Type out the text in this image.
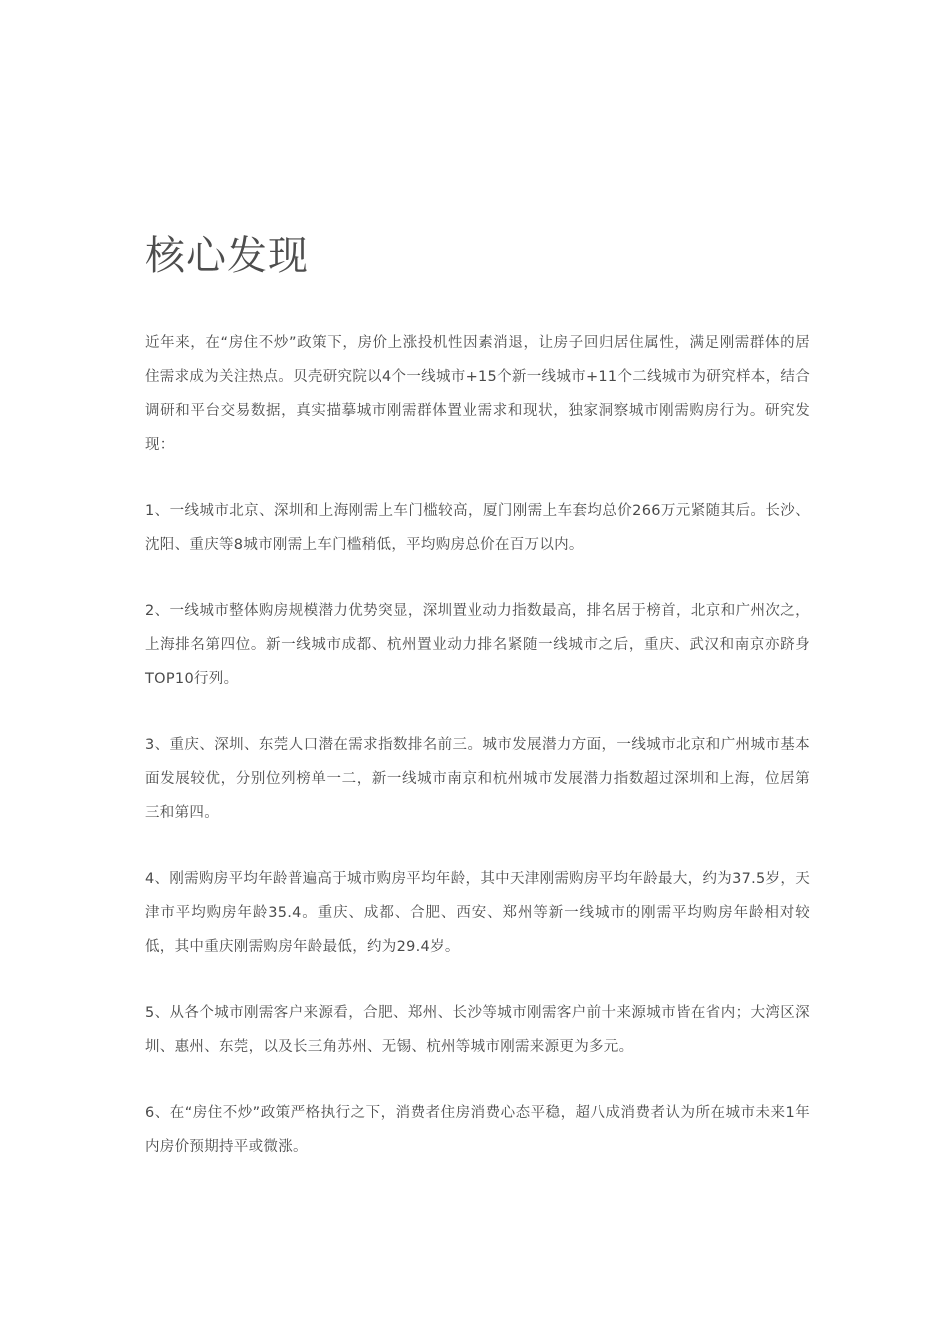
核心发现

近年来，在“房住不炒”政策下，房价上涨投机性因素消退，让房子回归居住属性，满足刚需群体的居住需求成为关注热点。贝壳研究院以4个一线城市+15个新一线城市+11个二线城市为研究样本，结合调研和平台交易数据，真实描摹城市刚需群体置业需求和现状，独家洞察城市刚需购房行为。研究发现：

1、一线城市北京、深圳和上海刚需上车门槛较高，厦门刚需上车套均总价266万元紧随其后。长沙、沈阳、重庆等8城市刚需上车门槛稍低，平均购房总价在百万以内。

2、一线城市整体购房规模潜力优势突显，深圳置业动力指数最高，排名居于榜首，北京和广州次之，上海排名第四位。新一线城市成都、杭州置业动力排名紧随一线城市之后，重庆、武汉和南京亦跻身TOP10行列。

3、重庆、深圳、东莞人口潜在需求指数排名前三。城市发展潜力方面，一线城市北京和广州城市基本面发展较优，分别位列榜单一二，新一线城市南京和杭州城市发展潜力指数超过深圳和上海，位居第三和第四。

4、刚需购房平均年龄普遍高于城市购房平均年龄，其中天津刚需购房平均年龄最大，约为37.5岁，天津市平均购房年龄35.4。重庆、成都、合肥、西安、郑州等新一线城市的刚需平均购房年龄相对较低，其中重庆刚需购房年龄最低，约为29.4岁。

5、从各个城市刚需客户来源看，合肥、郑州、长沙等城市刚需客户前十来源城市皆在省内；大湾区深圳、惠州、东莞，以及长三角苏州、无锡、杭州等城市刚需来源更为多元。

6、在“房住不炒”政策严格执行之下，消费者住房消费心态平稳，超八成消费者认为所在城市未来1年内房价预期持平或微涨。
